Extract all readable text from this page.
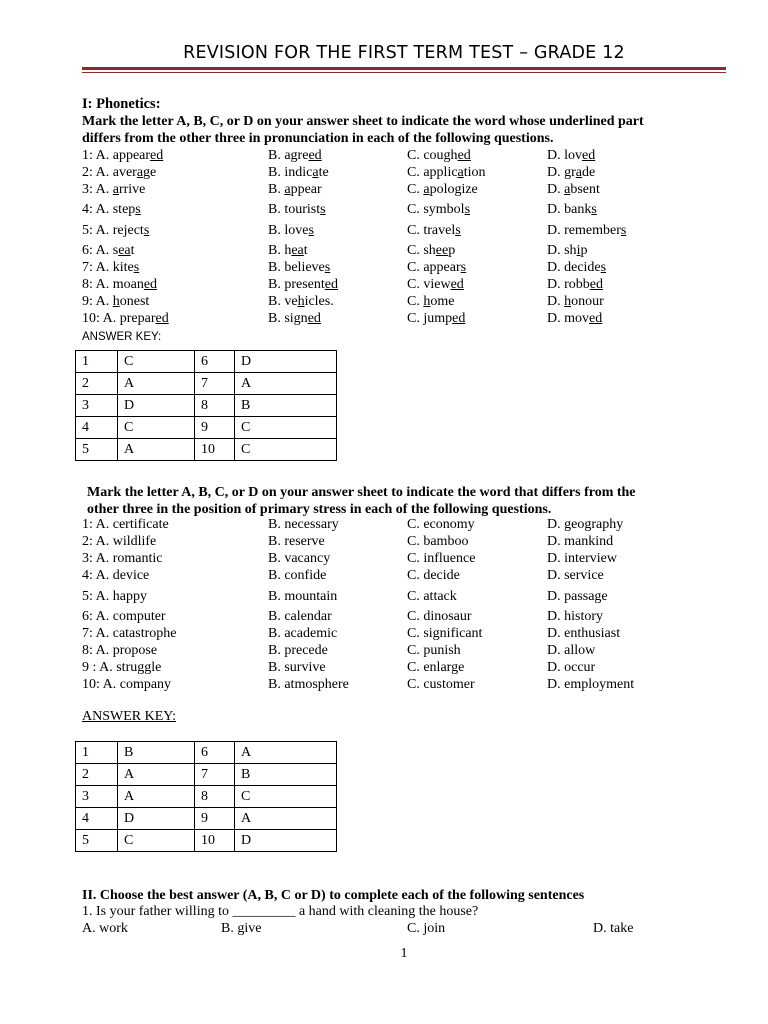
REVISION FOR THE FIRST TERM TEST – GRADE 12
I: Phonetics:
Mark the letter A, B, C, or D on your answer sheet to indicate the word whose underlined part
differs from the other three in pronunciation in each of the following questions.
1: A. appeared	B. agreed	C. coughed	D. loved
2: A. average	B. indicate	C. application	D. grade
3: A. arrive	B. appear	C. apologize	D. absent
4: A. steps	B. tourists	C. symbols	D. banks
5: A. rejects	B. loves	C. travels	D. remembers
6: A. seat	B. heat	C. sheep	D. ship
7: A. kites	B. believes	C. appears	D. decides
8: A. moaned	B. presented	C. viewed	D. robbed
9: A. honest	B. vehicles.	C. home	D. honour
10: A. prepared	B. signed	C. jumped	D. moved
ANSWER KEY:
1	C	6	D
2	A	7	A
3	D	8	B
4	C	9	C
5	A	10	C
Mark the letter A, B, C, or D on your answer sheet to indicate the word that differs from the
other three in the position of primary stress in each of the following questions.
1: A. certificate	B. necessary	C. economy	D. geography
2: A. wildlife	B. reserve	C. bamboo	D. mankind
3: A. romantic	B. vacancy	C. influence	D. interview
4: A. device	B. confide	C. decide	D. service
5: A. happy	B. mountain	C. attack	D. passage
6: A. computer	B. calendar	C. dinosaur	D. history
7: A. catastrophe	B. academic	C. significant	D. enthusiast
8: A. propose	B. precede	C. punish	D. allow
9 : A. struggle	B. survive	C. enlarge	D. occur
10: A. company	B. atmosphere	C. customer	D. employment
ANSWER KEY:
1	B	6	A
2	A	7	B
3	A	8	C
4	D	9	A
5	C	10	D
II. Choose the best answer (A, B, C or D) to complete each of the following sentences
1. Is your father willing to _________ a hand with cleaning the house?
A. work	B. give	C. join	D. take
1
